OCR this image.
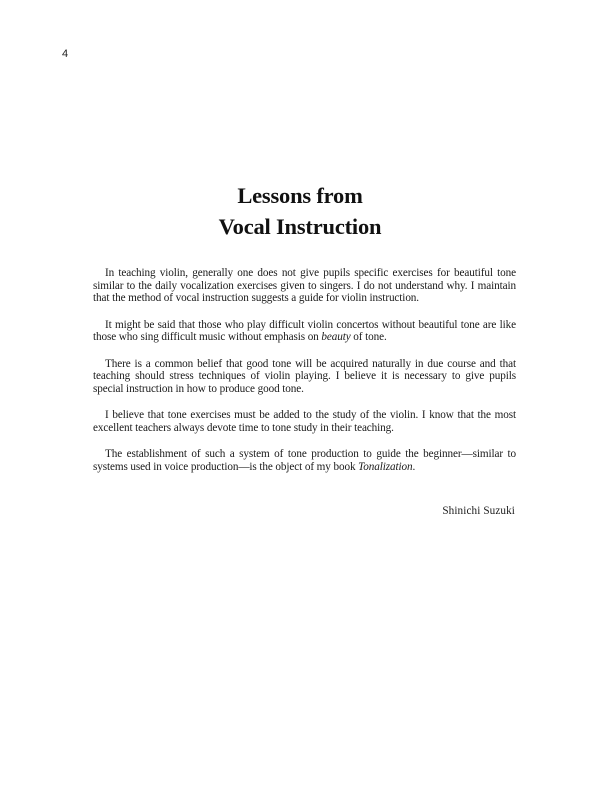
4
Lessons from
Vocal Instruction

In teaching violin, generally one does not give pupils specific exercises for beautiful tone similar to the daily vocalization exercises given to singers. I do not understand why. I maintain that the method of vocal instruction suggests a guide for violin instruction.

It might be said that those who play difficult violin concertos without beautiful tone are like those who sing difficult music without emphasis on beauty of tone.

There is a common belief that good tone will be acquired naturally in due course and that teaching should stress techniques of violin playing. I believe it is necessary to give pupils special instruction in how to produce good tone.

I believe that tone exercises must be added to the study of the violin. I know that the most excellent teachers always devote time to tone study in their teaching.

The establishment of such a system of tone production to guide the beginner—similar to systems used in voice production—is the object of my book Tonalization.

Shinichi Suzuki
